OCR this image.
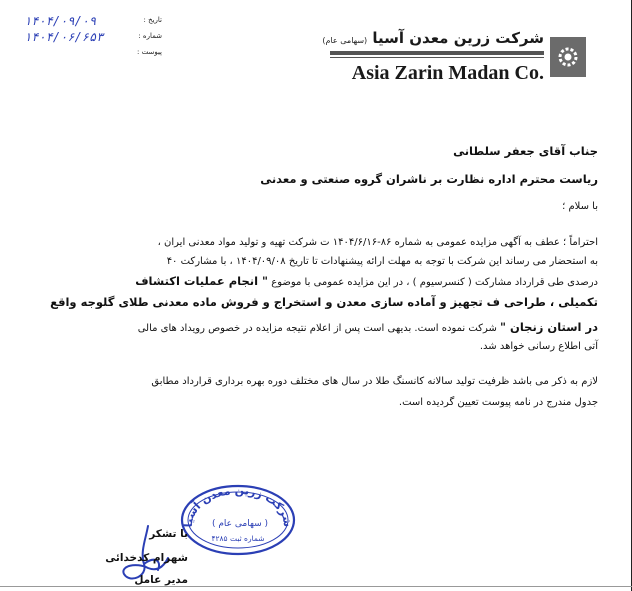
تاریخ :
۱۴۰۴/۰۹/۰۹
شماره :
۱۴۰۴/۰۶/۶۵۳
پیوست :
شرکت زرین معدن آسیا (سهامی عام)
Asia Zarin Madan Co.
جناب آقای جعفر سلطانی
ریاست محترم اداره نظارت بر ناشران گروه صنعتی و معدنی
با سلام ؛
احتراماً ؛ عطف به آگهی مزایده عمومی به شماره ۸۶-۱۴۰۴/۶/۱۶ ت شرکت تهیه و تولید مواد معدنی ایران ،
به استحضار می رساند این شرکت با توجه به مهلت ارائه پیشنهادات تا تاریخ ۱۴۰۴/۰۹/۰۸ ، با مشارکت ۴۰
درصدی طی قرارداد مشارکت ( کنسرسیوم ) ، در این مزایده عمومی با موضوع " انجام عملیات اکتشاف
تکمیلی ، طراحی ف تجهیز و آماده سازی معدن و استخراج و فروش ماده معدنی طلای گلوجه واقع
در استان زنجان " شرکت نموده است. بدیهی است پس از اعلام نتیجه مزایده در خصوص رویداد های مالی
آتی اطلاع رسانی خواهد شد.
لازم به ذکر می باشد ظرفیت تولید سالانه کانسنگ طلا در سال های مختلف دوره بهره برداری قرارداد مطابق
جدول مندرج در نامه پیوست تعیین گردیده است.
شرکت زرین معدن آسیا
( سهامی عام )
شماره ثبت ۴۲۸۵
با تشکر
شهرام کدخدائی
مدیر عامل
